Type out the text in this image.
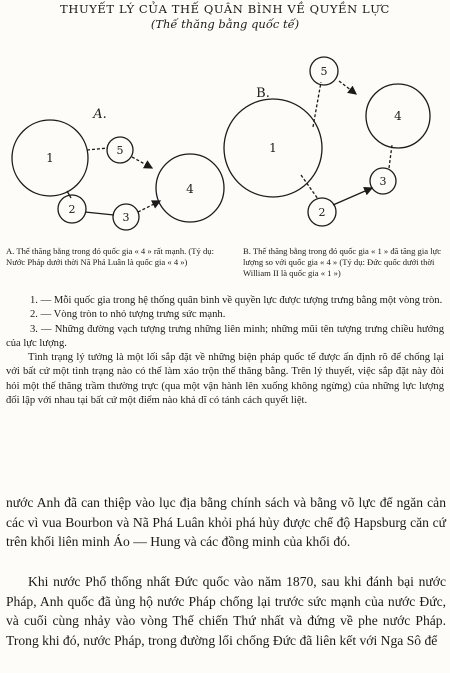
THUYẾT LÝ CỦA THẾ QUÂN BÌNH VỀ QUYỀN LỰC
(Thế thăng bằng quốc tế)
A.
1
5
4
2
3
B.
1
5
4
3
2
A. Thế thăng bằng trong đó quốc gia « 4 » rất mạnh. (Tỷ dụ: Nước Pháp dưới thời Nã Phá Luân là quốc gia « 4 »)
B. Thế thăng bằng trong đó quốc gia « 1 » đã tăng gia lực lượng so với quốc gia « 4 » (Tỷ dụ: Đức quốc dưới thời William II là quốc gia « 1 »)

1. — Mỗi quốc gia trong hệ thống quân bình về quyền lực được tượng trưng bằng một vòng tròn.

2. — Vòng tròn to nhỏ tượng trưng sức mạnh.

3. — Những đường vạch tượng trưng những liên minh; những mũi tên tượng trưng chiều hướng của lực lượng.

Tình trạng lý tưởng là một lối sắp đặt về những biện pháp quốc tế được ấn định rõ để chống lại với bất cứ một tình trạng nào có thể làm xáo trộn thế thăng bằng. Trên lý thuyết, việc sắp đặt này đòi hỏi một thế thăng trầm thường trực (qua một vận hành lên xuống không ngừng) của những lực lượng đối lập với nhau tại bất cứ một điểm nào khả dĩ có tánh cách quyết liệt.

nước Anh đã can thiệp vào lục địa bằng chính sách và bằng võ lực để ngăn cản các vì vua Bourbon và Nã Phá Luân khỏi phá hủy được chế độ Hapsburg căn cứ trên khối liên minh Áo — Hung và các đồng minh của khối đó.

Khi nước Phổ thống nhất Đức quốc vào năm 1870, sau khi đánh bại nước Pháp, Anh quốc đã ủng hộ nước Pháp chống lại trước sức mạnh của nước Đức, và cuối cùng nhảy vào vòng Thế chiến Thứ nhất và đứng về phe nước Pháp. Trong khi đó, nước Pháp, trong đường lối chống Đức đã liên kết với Nga Sô để
